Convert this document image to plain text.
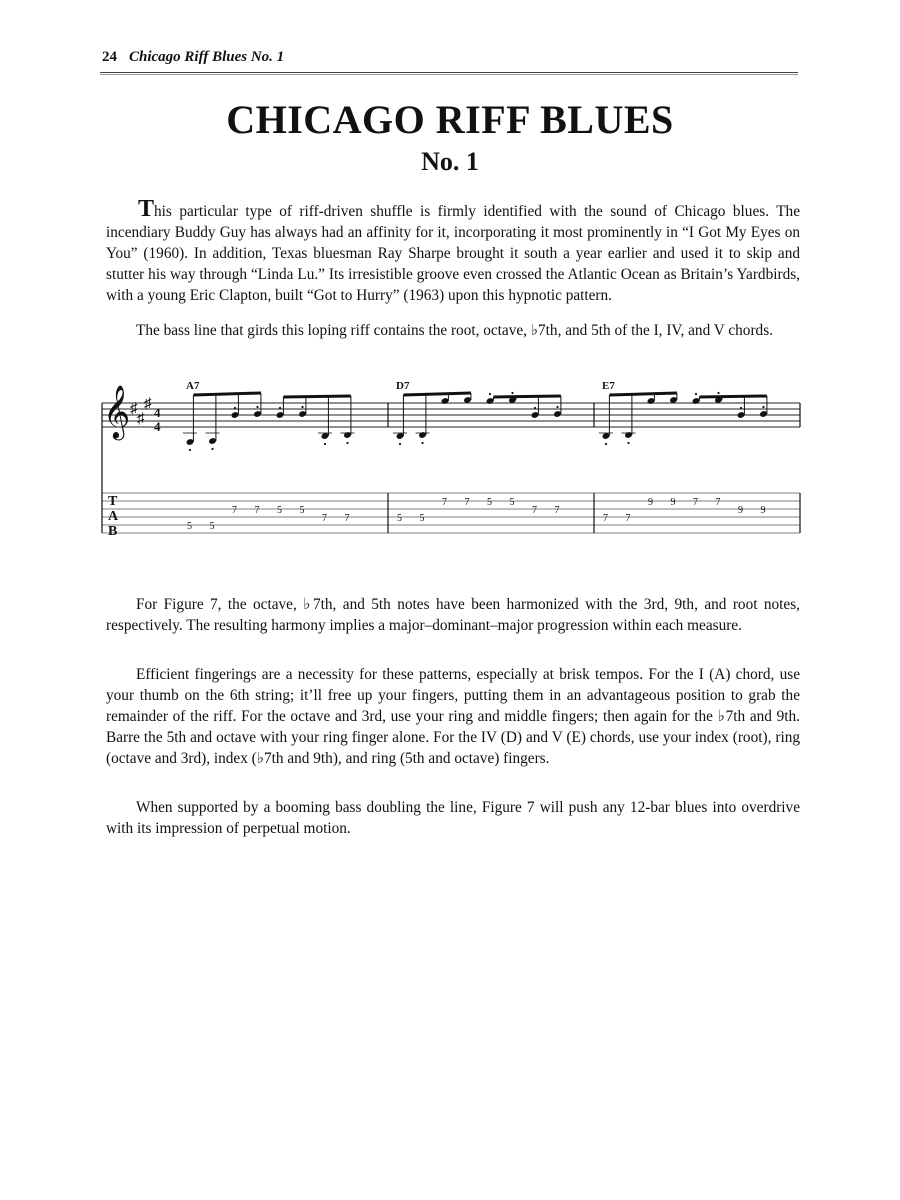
24 Chicago Riff Blues No. 1
CHICAGO RIFF BLUES
No. 1

This particular type of riff-driven shuffle is firmly identified with the sound of Chicago blues. The incendiary Buddy Guy has always had an affinity for it, incorporating it most prominently in “I Got My Eyes on You” (1960). In addition, Texas bluesman Ray Sharpe brought it south a year earlier and used it to skip and stutter his way through “Linda Lu.” Its irresistible groove even crossed the Atlantic Ocean as Britain’s Yardbirds, with a young Eric Clapton, built “Got to Hurry” (1963) upon this hypnotic pattern.

The bass line that girds this loping riff contains the root, octave, ♭7th, and 5th of the I, IV, and V chords.

𝄞 ♯
♯
♯
4
4
T
A
B	5 5
7 7 5 5
7 7	5 5
7 7 5 5
7 7
7 7
9 9 7 7
9 9
A7	D7	E7

For Figure 7, the octave, ♭7th, and 5th notes have been harmonized with the 3rd, 9th, and root notes, respectively. The resulting harmony implies a major–dominant–major progression within each measure.

Efficient fingerings are a necessity for these patterns, especially at brisk tempos. For the I (A) chord, use your thumb on the 6th string; it’ll free up your fingers, putting them in an advantageous position to grab the remainder of the riff. For the octave and 3rd, use your ring and middle fingers; then again for the ♭7th and 9th. Barre the 5th and octave with your ring finger alone. For the IV (D) and V (E) chords, use your index (root), ring (octave and 3rd), index (♭7th and 9th), and ring (5th and octave) fingers.

When supported by a booming bass doubling the line, Figure 7 will push any 12-bar blues into overdrive with its impression of perpetual motion.
